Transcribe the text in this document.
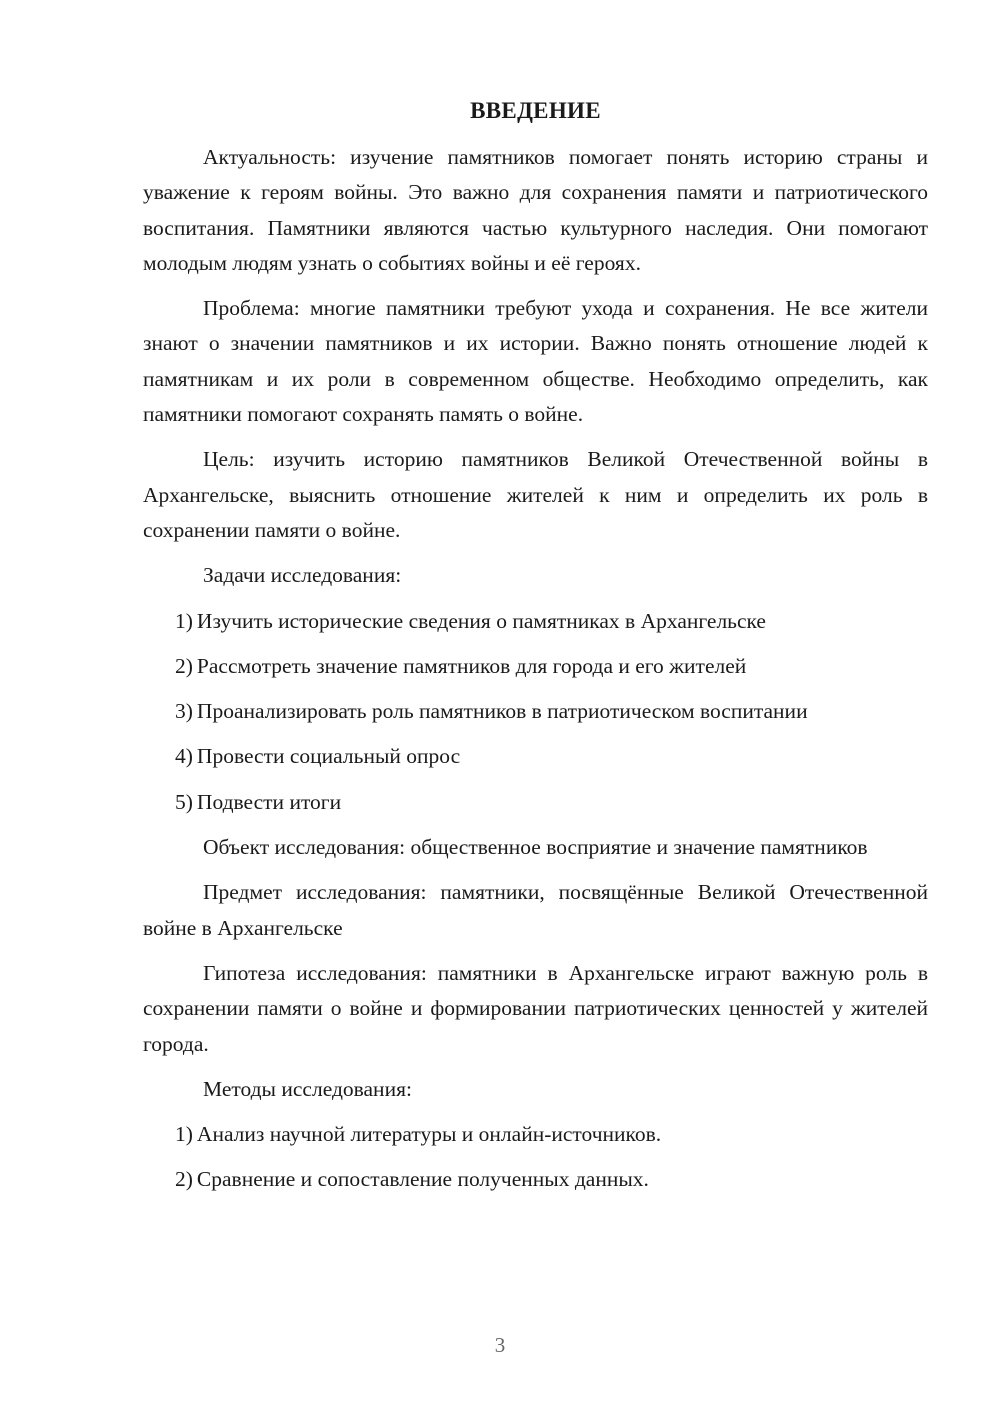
ВВЕДЕНИЕ

Актуальность: изучение памятников помогает понять историю страны и уважение к героям войны. Это важно для сохранения памяти и патриотического воспитания. Памятники являются частью культурного наследия. Они помогают молодым людям узнать о событиях войны и её героях.

Проблема: многие памятники требуют ухода и сохранения. Не все жители знают о значении памятников и их истории. Важно понять отношение людей к памятникам и их роли в современном обществе. Необходимо определить, как памятники помогают сохранять память о войне.

Цель: изучить историю памятников Великой Отечественной войны в Архангельске, выяснить отношение жителей к ним и определить их роль в сохранении памяти о войне.

Задачи исследования:
1) Изучить исторические сведения о памятниках в Архангельске
2) Рассмотреть значение памятников для города и его жителей
3) Проанализировать роль памятников в патриотическом воспитании
4) Провести социальный опрос
5) Подвести итоги

Объект исследования: общественное восприятие и значение памятников

Предмет исследования: памятники, посвящённые Великой Отечественной войне в Архангельске

Гипотеза исследования: памятники в Архангельске играют важную роль в сохранении памяти о войне и формировании патриотических ценностей у жителей города.

Методы исследования:
1) Анализ научной литературы и онлайн-источников.
2) Сравнение и сопоставление полученных данных.
3
